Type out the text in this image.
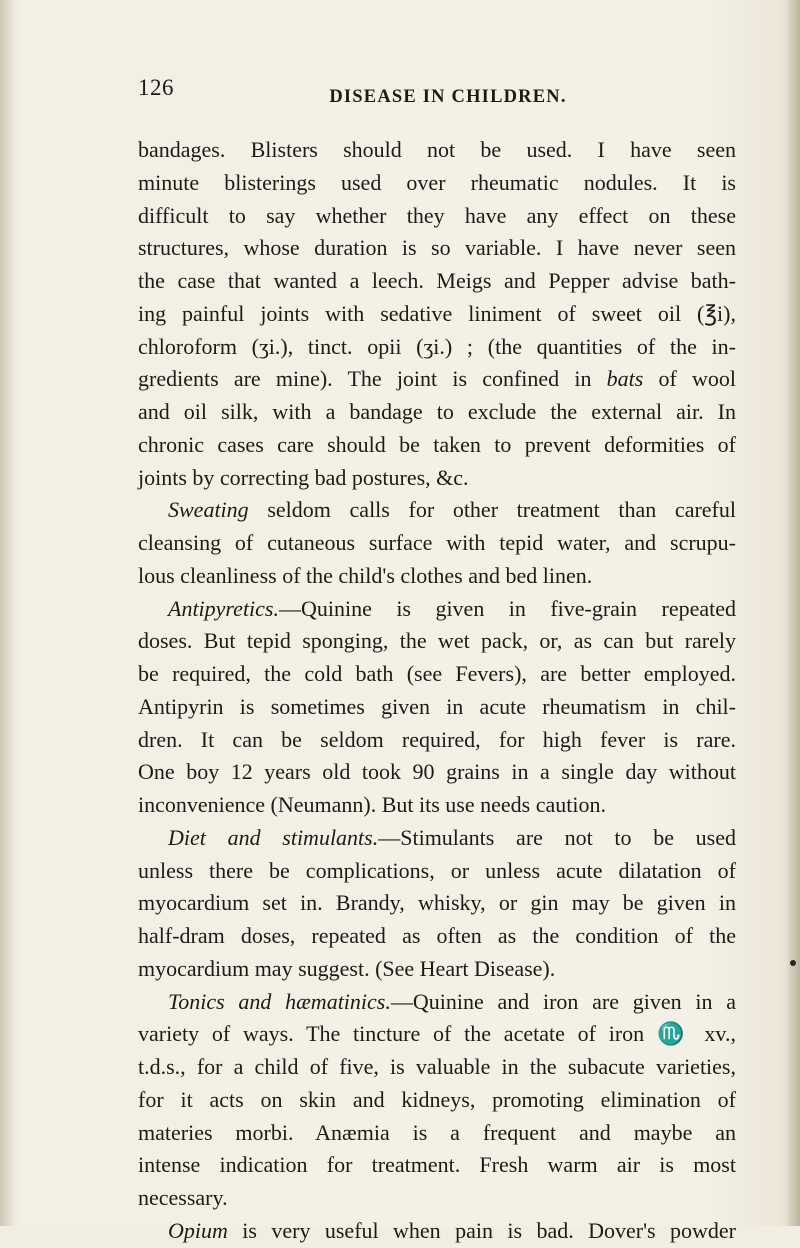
126	DISEASE IN CHILDREN.
bandages. Blisters should not be used. I have seen
minute blisterings used over rheumatic nodules. It is
difficult to say whether they have any effect on these
structures, whose duration is so variable. I have never seen
the case that wanted a leech. Meigs and Pepper advise bath-
ing painful joints with sedative liniment of sweet oil (℥i),
chloroform (ʒi.), tinct. opii (ʒi.) ; (the quantities of the in-
gredients are mine). The joint is confined in bats of wool
and oil silk, with a bandage to exclude the external air. In
chronic cases care should be taken to prevent deformities of
joints by correcting bad postures, &c.
Sweating seldom calls for other treatment than careful
cleansing of cutaneous surface with tepid water, and scrupu-
lous cleanliness of the child's clothes and bed linen.
Antipyretics.—Quinine is given in five-grain repeated
doses. But tepid sponging, the wet pack, or, as can but rarely
be required, the cold bath (see Fevers), are better employed.
Antipyrin is sometimes given in acute rheumatism in chil-
dren. It can be seldom required, for high fever is rare.
One boy 12 years old took 90 grains in a single day without
inconvenience (Neumann). But its use needs caution.
Diet and stimulants.—Stimulants are not to be used
unless there be complications, or unless acute dilatation of
myocardium set in. Brandy, whisky, or gin may be given in
half-dram doses, repeated as often as the condition of the
myocardium may suggest. (See Heart Disease).
Tonics and hæmatinics.—Quinine and iron are given in a
variety of ways. The tincture of the acetate of iron ♏ xv.,
t.d.s., for a child of five, is valuable in the subacute varieties,
for it acts on skin and kidneys, promoting elimination of
materies morbi. Anæmia is a frequent and maybe an
intense indication for treatment. Fresh warm air is most
necessary.
Opium is very useful when pain is bad. Dover's powder
